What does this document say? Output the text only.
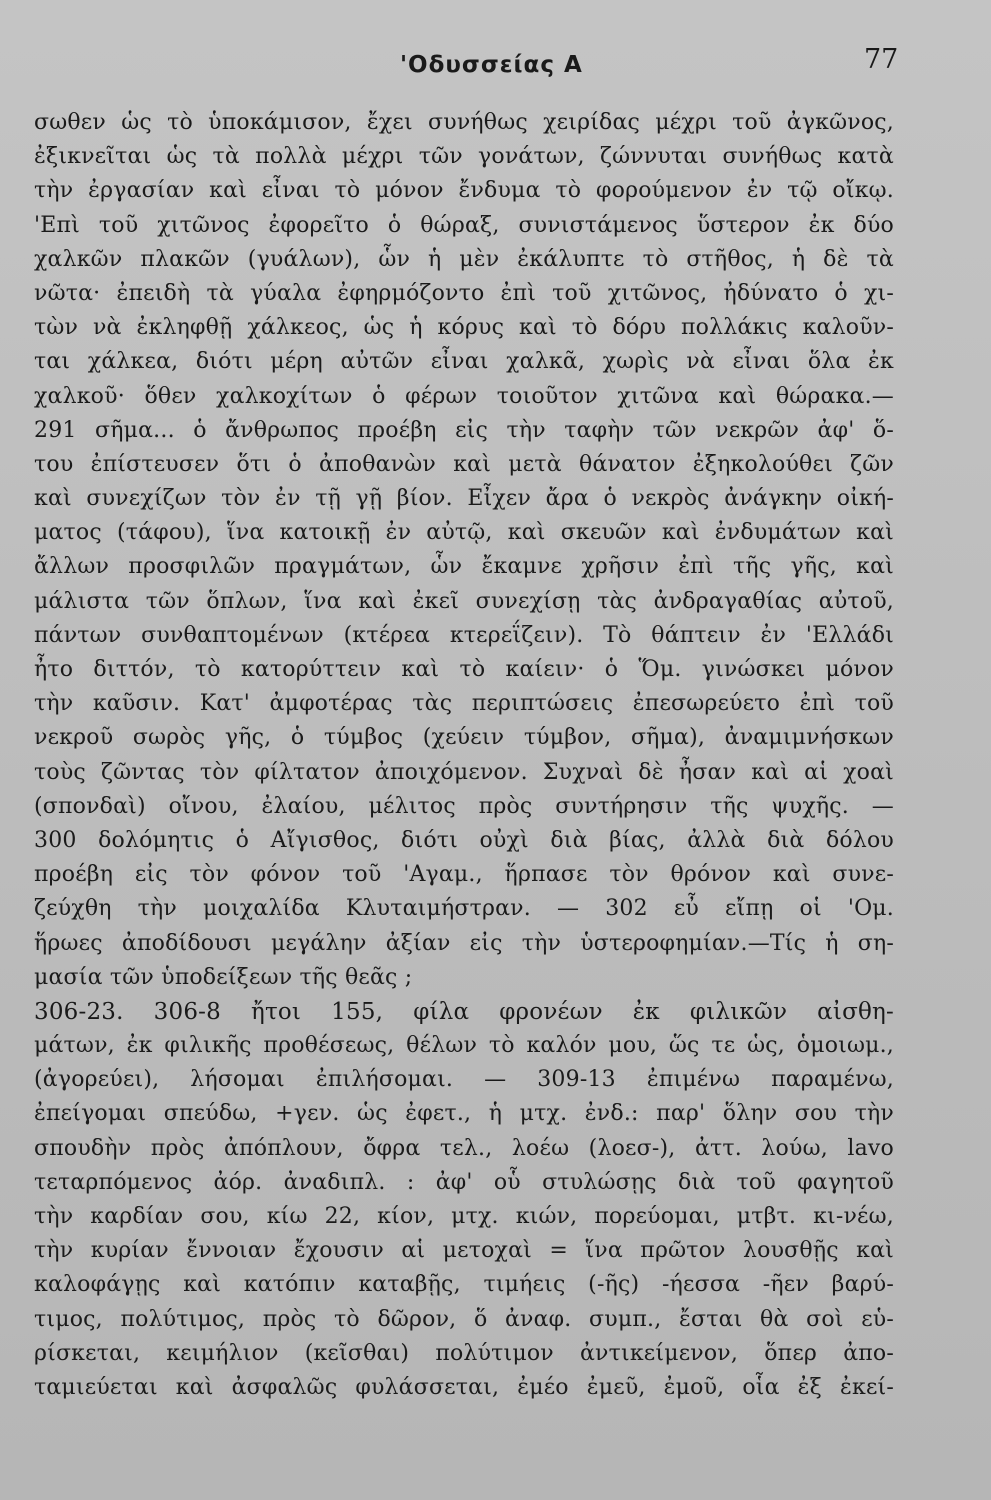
'Οδυσσείας Α	77
σωθεν ὡς τὸ ὑποκάμισον, ἔχει συνήθως χειρίδας μέχρι τοῦ ἀγκῶνος,
ἐξικνεῖται ὡς τὰ πολλὰ μέχρι τῶν γονάτων, ζώννυται συνήθως κατὰ
τὴν ἐργασίαν καὶ εἶναι τὸ μόνον ἔνδυμα τὸ φορούμενον ἐν τῷ οἴκῳ.
'Επὶ τοῦ χιτῶνος ἐφορεῖτο ὁ θώραξ, συνιστάμενος ὕστερον ἐκ δύο
χαλκῶν πλακῶν (γυάλων), ὧν ἡ μὲν ἐκάλυπτε τὸ στῆθος, ἡ δὲ τὰ
νῶτα· ἐπειδὴ τὰ γύαλα ἐφηρμόζοντο ἐπὶ τοῦ χιτῶνος, ἠδύνατο ὁ χι-
τὼν νὰ ἐκληφθῇ χάλκεος, ὡς ἡ κόρυς καὶ τὸ δόρυ πολλάκις καλοῦν-
ται χάλκεα, διότι μέρη αὐτῶν εἶναι χαλκᾶ, χωρὶς νὰ εἶναι ὅλα ἐκ
χαλκοῦ· ὅθεν χαλκοχίτων ὁ φέρων τοιοῦτον χιτῶνα καὶ θώρακα.—
291 σῆμα... ὁ ἄνθρωπος προέβη εἰς τὴν ταφὴν τῶν νεκρῶν ἀφ' ὅ-
του ἐπίστευσεν ὅτι ὁ ἀποθανὼν καὶ μετὰ θάνατον ἐξηκολούθει ζῶν
καὶ συνεχίζων τὸν ἐν τῇ γῇ βίον. Εἶχεν ἄρα ὁ νεκρὸς ἀνάγκην οἰκή-
ματος (τάφου), ἵνα κατοικῇ ἐν αὐτῷ, καὶ σκευῶν καὶ ἐνδυμάτων καὶ
ἄλλων προσφιλῶν πραγμάτων, ὧν ἔκαμνε χρῆσιν ἐπὶ τῆς γῆς, καὶ
μάλιστα τῶν ὅπλων, ἵνα καὶ ἐκεῖ συνεχίσῃ τὰς ἀνδραγαθίας αὐτοῦ,
πάντων συνθαπτομένων (κτέρεα κτερεΐζειν). Τὸ θάπτειν ἐν 'Ελλάδι
ἦτο διττόν, τὸ κατορύττειν καὶ τὸ καίειν· ὁ Ὅμ. γινώσκει μόνον
τὴν καῦσιν. Κατ' ἀμφοτέρας τὰς περιπτώσεις ἐπεσωρεύετο ἐπὶ τοῦ
νεκροῦ σωρὸς γῆς, ὁ τύμβος (χεύειν τύμβον, σῆμα), ἀναμιμνήσκων
τοὺς ζῶντας τὸν φίλτατον ἀποιχόμενον. Συχναὶ δὲ ἦσαν καὶ αἱ χοαὶ
(σπονδαὶ) οἴνου, ἐλαίου, μέλιτος πρὸς συντήρησιν τῆς ψυχῆς. —
300 δολόμητις ὁ Αἴγισθος, διότι οὐχὶ διὰ βίας, ἀλλὰ διὰ δόλου
προέβη εἰς τὸν φόνον τοῦ 'Αγαμ., ἥρπασε τὸν θρόνον καὶ συνε-
ζεύχθη τὴν μοιχαλίδα Κλυταιμήστραν. — 302 εὖ εἴπῃ οἱ 'Ομ.
ἥρωες ἀποδίδουσι μεγάλην ἀξίαν εἰς τὴν ὑστεροφημίαν.—Τίς ἡ ση-
μασία τῶν ὑποδείξεων τῆς θεᾶς ;
306-23. 306-8 ἤτοι 155, φίλα φρονέων ἐκ φιλικῶν αἰσθη-
μάτων, ἐκ φιλικῆς προθέσεως, θέλων τὸ καλόν μου, ὥς τε ὡς, ὁμοιωμ.,
(ἀγορεύει), λήσομαι ἐπιλήσομαι. — 309-13 ἐπιμένω παραμένω,
ἐπείγομαι σπεύδω, +γεν. ὡς ἐφετ., ἡ μτχ. ἐνδ.: παρ' ὅλην σου τὴν
σπουδὴν πρὸς ἀπόπλουν, ὄφρα τελ., λοέω (λοεσ-), ἀττ. λούω, lavo
τεταρπόμενος ἀόρ. ἀναδιπλ. : ἀφ' οὗ στυλώσῃς διὰ τοῦ φαγητοῦ
τὴν καρδίαν σου, κίω 22, κίον, μτχ. κιών, πορεύομαι, μτβτ. κι-νέω,
τὴν κυρίαν ἔννοιαν ἔχουσιν αἱ μετοχαὶ = ἵνα πρῶτον λουσθῇς καὶ
καλοφάγῃς καὶ κατόπιν καταβῇς, τιμήεις (-ῆς) -ήεσσα -ῆεν βαρύ-
τιμος, πολύτιμος, πρὸς τὸ δῶρον, ὅ ἀναφ. συμπ., ἔσται θὰ σοὶ εὑ-
ρίσκεται, κειμήλιον (κεῖσθαι) πολύτιμον ἀντικείμενον, ὅπερ ἀπο-
ταμιεύεται καὶ ἀσφαλῶς φυλάσσεται, ἐμέο ἐμεῦ, ἐμοῦ, οἷα ἐξ ἐκεί-
